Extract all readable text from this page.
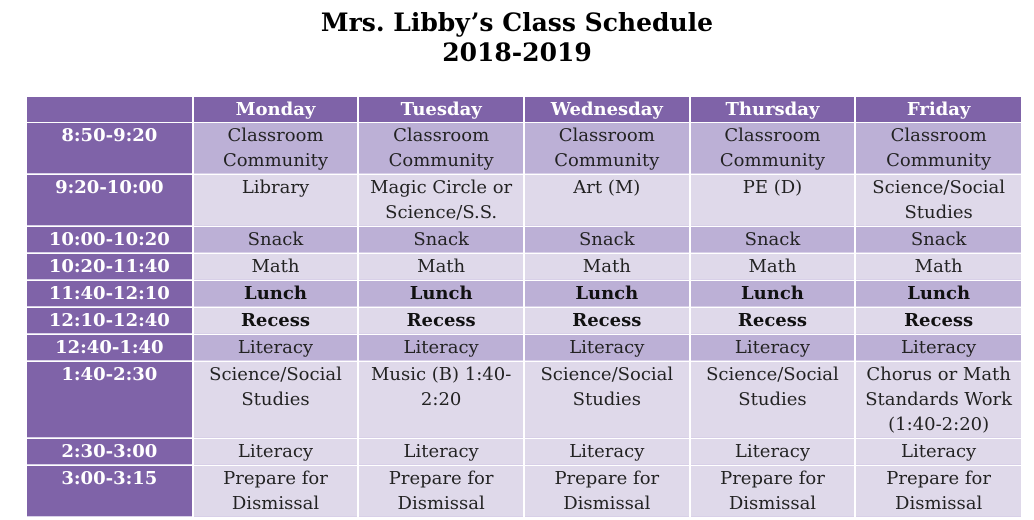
Mrs. Libby’s Class Schedule
2018-2019
	Monday	Tuesday	Wednesday	Thursday	Friday
8:50-9:20	Classroom Community	Classroom Community	Classroom Community	Classroom Community	Classroom Community
9:20-10:00	Library	Magic Circle or Science/S.S.	Art (M)	PE (D)	Science/Social Studies
10:00-10:20	Snack	Snack	Snack	Snack	Snack
10:20-11:40	Math	Math	Math	Math	Math
11:40-12:10	Lunch	Lunch	Lunch	Lunch	Lunch
12:10-12:40	Recess	Recess	Recess	Recess	Recess
12:40-1:40	Literacy	Literacy	Literacy	Literacy	Literacy
1:40-2:30	Science/Social Studies	Music (B) 1:40-2:20	Science/Social Studies	Science/Social Studies	Chorus or Math Standards Work (1:40-2:20)
2:30-3:00	Literacy	Literacy	Literacy	Literacy	Literacy
3:00-3:15	Prepare for Dismissal	Prepare for Dismissal	Prepare for Dismissal	Prepare for Dismissal	Prepare for Dismissal
